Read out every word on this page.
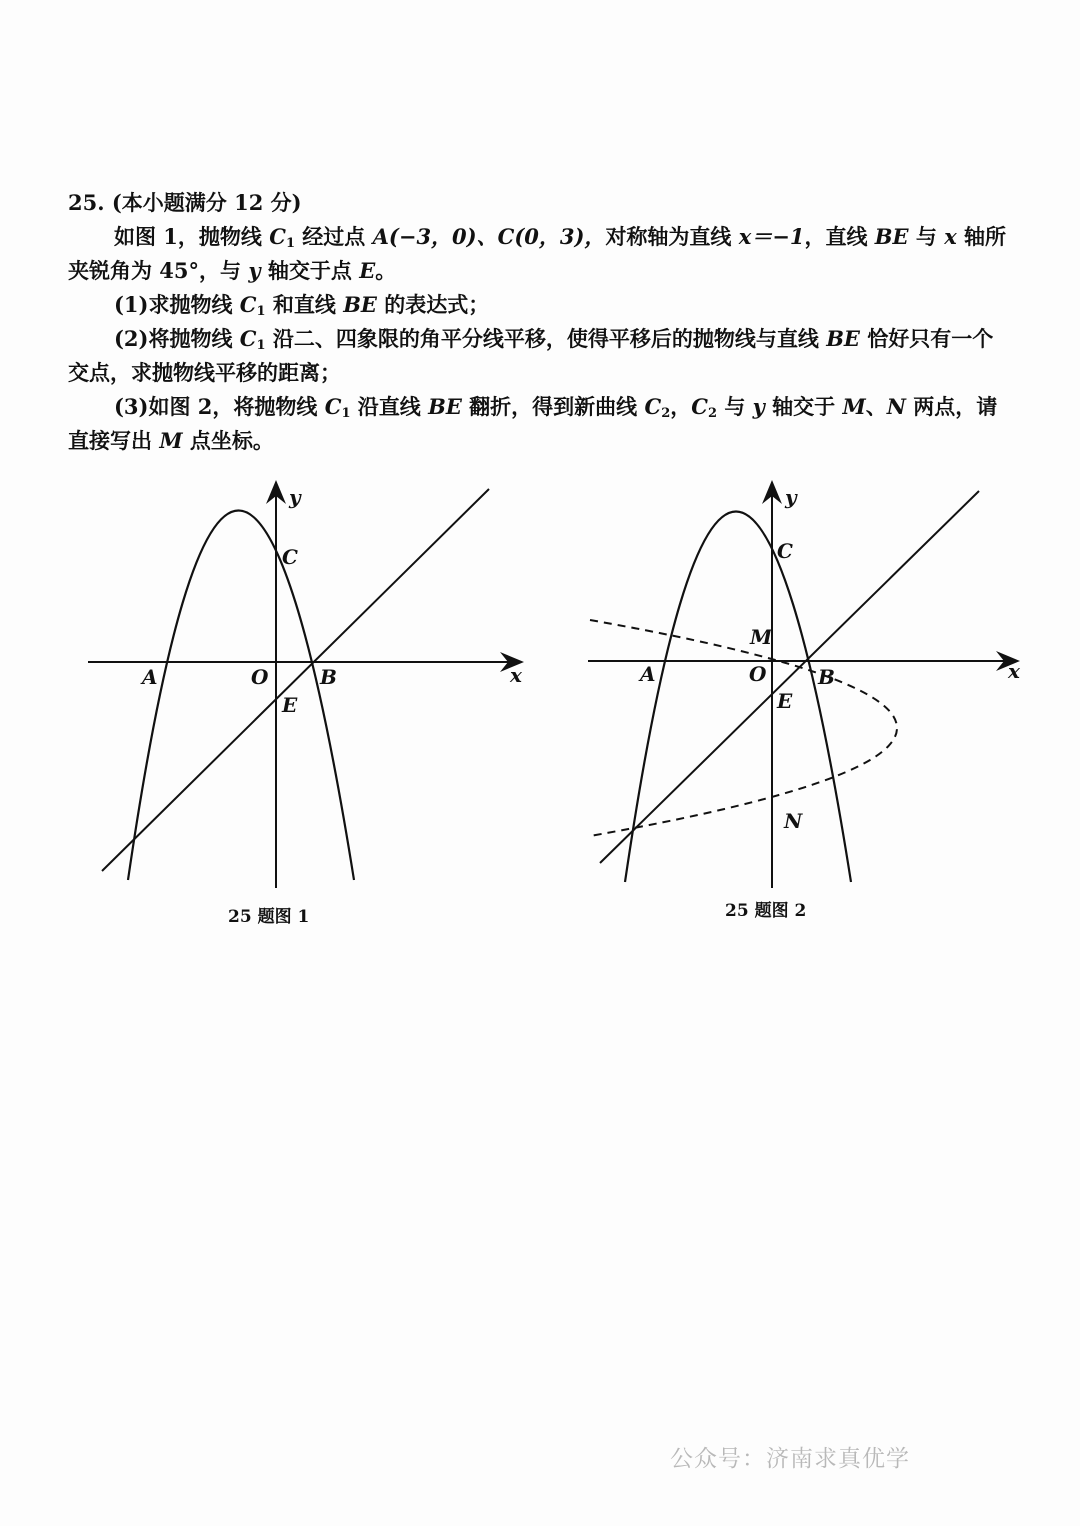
25. (本小题满分 12 分)

如图 1，抛物线 $C_1$ 经过点 A(−3，0)、C(0，3)，对称轴为直线 x＝−1，直线 BE 与 x 轴所夹锐角为 45°，与 y 轴交于点 E。

(1)求抛物线 $C_1$ 和直线 BE 的表达式；

(2)将抛物线 $C_1$ 沿二、四象限的角平分线平移，使得平移后的抛物线与直线 BE 恰好只有一个交点，求抛物线平移的距离；

(3)如图 2，将抛物线 $C_1$ 沿直线 BE 翻折，得到新曲线 $C_2$，$C_2$ 与 y 轴交于 M、N 两点，请直接写出 M 点坐标。

y
x
A	O	B
C
E
25 题图 1
y
x
A	O	B
C
E
M
N
25 题图 2
公众号：济南求真优学
